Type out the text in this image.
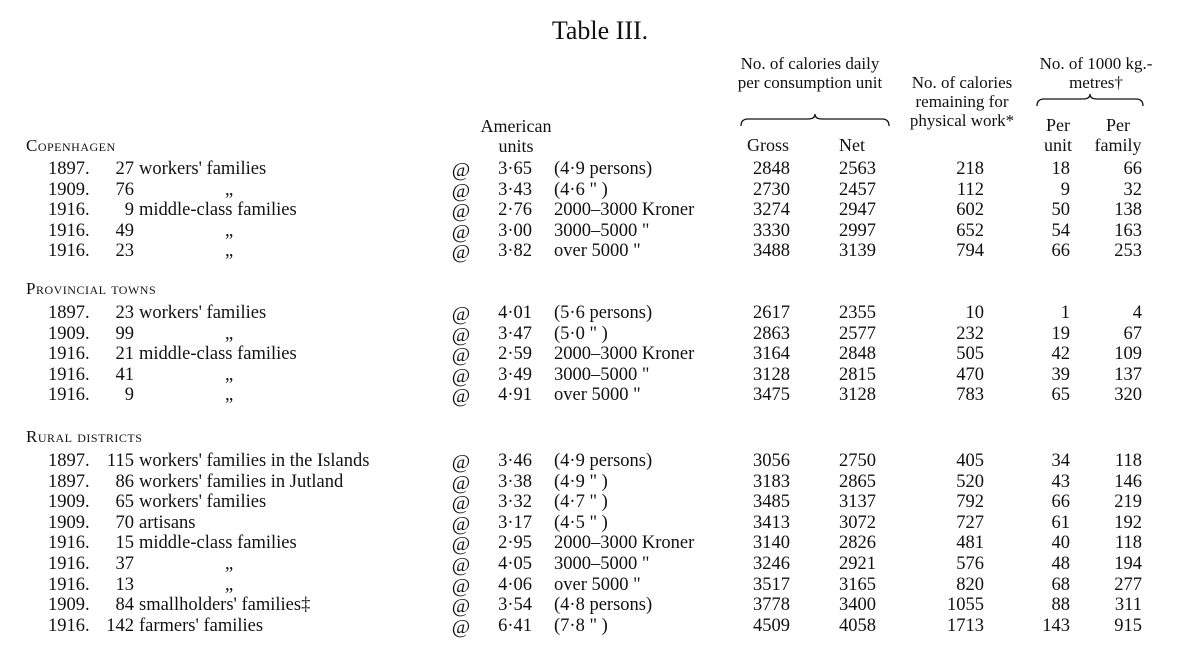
Table III.
American units
No. of calories daily per consumption unit	No. of calories remaining for physical work*
No. of 1000 kg.-metres†
Per unit
Per family
Gross	Net
Copenhagen
Provincial towns
Rural districts
1897.	27 workers' families	@	3·65 (4·9 persons)	2848	2563	218	18	66
1909.	76	„	@	3·43 (4·6 " )	2730	2457	112	9	32
1916.	9 middle-class families	@	2·76 2000–3000 Kroner	3274	2947	602	50	138
1916.	49	„	@	3·00 3000–5000 "	3330	2997	652	54	163
1916.	23	„	@	3·82 over 5000 "	3488	3139	794	66	253
1897.	23 workers' families	@	4·01 (5·6 persons)	2617	2355	10	1	4
1909.	99	„	@	3·47 (5·0 " )	2863	2577	232	19	67
1916.	21 middle-class families	@	2·59 2000–3000 Kroner	3164	2848	505	42	109
1916.	41	„	@	3·49 3000–5000 "	3128	2815	470	39	137
1916.	9	„	@	4·91 over 5000 "	3475	3128	783	65	320
1897. 115 workers' families in the Islands	@	3·46 (4·9 persons)	3056	2750	405	34	118
1897.	86 workers' families in Jutland	@	3·38 (4·9 " )	3183	2865	520	43	146
1909.	65 workers' families	@	3·32 (4·7 " )	3485	3137	792	66	219
1909.	70 artisans	@	3·17 (4·5 " )	3413	3072	727	61	192
1916.	15 middle-class families	@	2·95 2000–3000 Kroner	3140	2826	481	40	118
1916.	37	„	@	4·05 3000–5000 "	3246	2921	576	48	194
1916.	13	„	@	4·06 over 5000 "	3517	3165	820	68	277
1909.	84 smallholders' families‡	@	3·54 (4·8 persons)	3778	3400	1055	88	311
1916. 142 farmers' families	@	6·41 (7·8 " )	4509	4058	1713	143	915
